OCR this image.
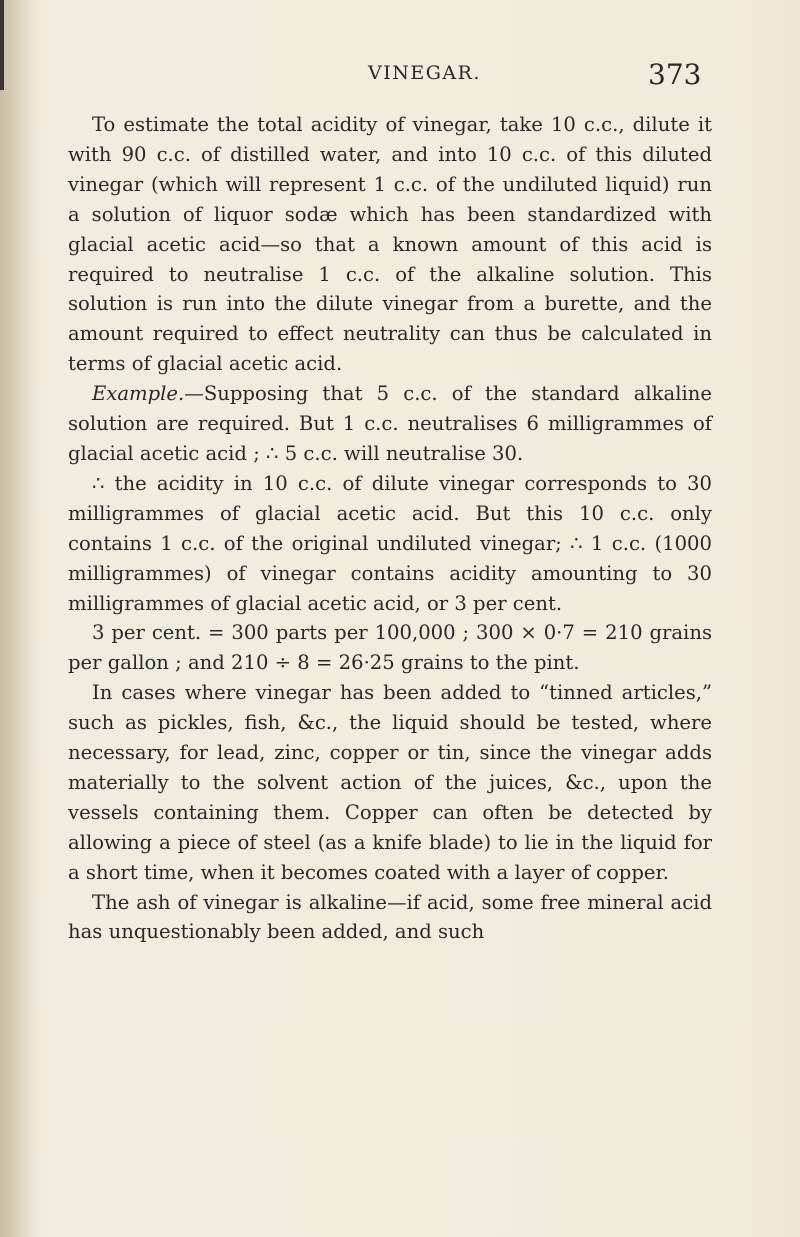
VINEGAR.	373

To estimate the total acidity of vinegar, take 10 c.c., dilute it with 90 c.c. of distilled water, and into 10 c.c. of this diluted vinegar (which will represent 1 c.c. of the undiluted liquid) run a solution of liquor sodæ which has been standardized with glacial acetic acid—so that a known amount of this acid is required to neutralise 1 c.c. of the alkaline solution. This solution is run into the dilute vinegar from a burette, and the amount required to effect neutrality can thus be calculated in terms of glacial acetic acid.

Example.—Supposing that 5 c.c. of the standard alkaline solution are required. But 1 c.c. neutralises 6 milligrammes of glacial acetic acid ; ∴ 5 c.c. will neutralise 30.

∴ the acidity in 10 c.c. of dilute vinegar corresponds to 30 milligrammes of glacial acetic acid. But this 10 c.c. only contains 1 c.c. of the original undiluted vinegar; ∴ 1 c.c. (1000 milligrammes) of vinegar contains acidity amounting to 30 milligrammes of glacial acetic acid, or 3 per cent.

3 per cent. = 300 parts per 100,000 ; 300 × 0·7 = 210 grains per gallon ; and 210 ÷ 8 = 26·25 grains to the pint.

In cases where vinegar has been added to “tinned articles,” such as pickles, fish, &c., the liquid should be tested, where necessary, for lead, zinc, copper or tin, since the vinegar adds materially to the solvent action of the juices, &c., upon the vessels containing them. Copper can often be detected by allowing a piece of steel (as a knife blade) to lie in the liquid for a short time, when it becomes coated with a layer of copper.

The ash of vinegar is alkaline—if acid, some free mineral acid has unquestionably been added, and such
